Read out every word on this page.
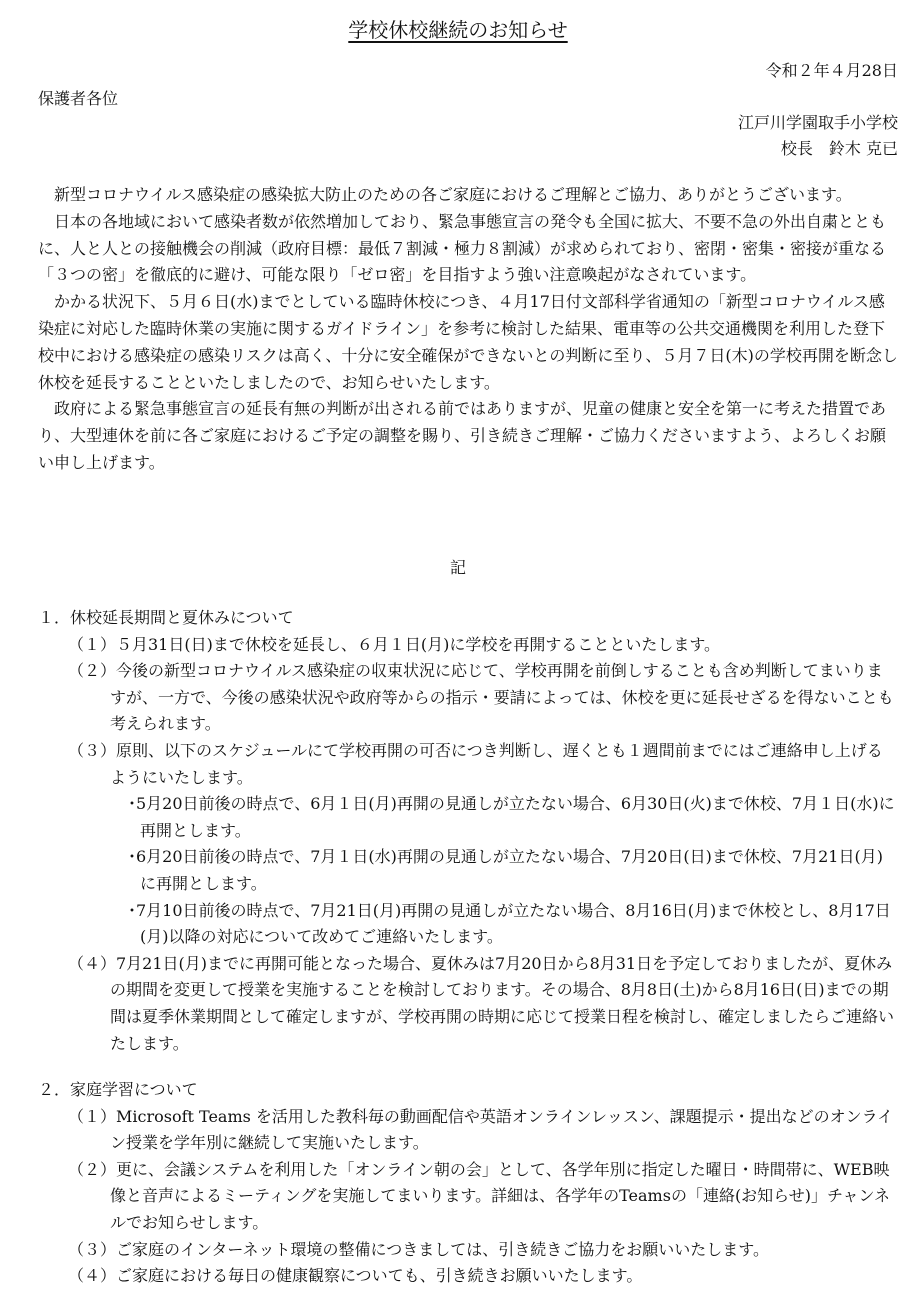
学校休校継続のお知らせ
令和２年４月28日
保護者各位
江戸川学園取手小学校
校長　鈴木 克已

新型コロナウイルス感染症の感染拡大防止のための各ご家庭におけるご理解とご協力、ありがとうございます。

日本の各地域において感染者数が依然増加しており、緊急事態宣言の発令も全国に拡大、不要不急の外出自粛とともに、人と人との接触機会の削減（政府目標：最低７割減・極力８割減）が求められており、密閉・密集・密接が重なる「３つの密」を徹底的に避け、可能な限り「ゼロ密」を目指すよう強い注意喚起がなされています。

かかる状況下、５月６日(水)までとしている臨時休校につき、４月17日付文部科学省通知の「新型コロナウイルス感染症に対応した臨時休業の実施に関するガイドライン」を参考に検討した結果、電車等の公共交通機関を利用した登下校中における感染症の感染リスクは高く、十分に安全確保ができないとの判断に至り、５月７日(木)の学校再開を断念し休校を延長することといたしましたので、お知らせいたします。

政府による緊急事態宣言の延長有無の判断が出される前ではありますが、児童の健康と安全を第一に考えた措置であり、大型連休を前に各ご家庭におけるご予定の調整を賜り、引き続きご理解・ご協力くださいますよう、よろしくお願い申し上げます。

記

１．休校延長期間と夏休みについて

（１）５月31日(日)まで休校を延長し、６月１日(月)に学校を再開することといたします。

（２）今後の新型コロナウイルス感染症の収束状況に応じて、学校再開を前倒しすることも含め判断してまいりますが、一方で、今後の感染状況や政府等からの指示・要請によっては、休校を更に延長せざるを得ないことも考えられます。

（３）原則、以下のスケジュールにて学校再開の可否につき判断し、遅くとも１週間前までにはご連絡申し上げるようにいたします。

･5月20日前後の時点で、6月１日(月)再開の見通しが立たない場合、6月30日(火)まで休校、7月１日(水)に再開とします。

･6月20日前後の時点で、7月１日(水)再開の見通しが立たない場合、7月20日(日)まで休校、7月21日(月)に再開とします。

･7月10日前後の時点で、7月21日(月)再開の見通しが立たない場合、8月16日(月)まで休校とし、8月17日(月)以降の対応について改めてご連絡いたします。

（４）7月21日(月)までに再開可能となった場合、夏休みは7月20日から8月31日を予定しておりましたが、夏休みの期間を変更して授業を実施することを検討しております。その場合、8月8日(土)から8月16日(日)までの期間は夏季休業期間として確定しますが、学校再開の時期に応じて授業日程を検討し、確定しましたらご連絡いたします。

２．家庭学習について

（１）Microsoft Teams を活用した教科毎の動画配信や英語オンラインレッスン、課題提示・提出などのオンライン授業を学年別に継続して実施いたします。

（２）更に、会議システムを利用した「オンライン朝の会」として、各学年別に指定した曜日・時間帯に、WEB映像と音声によるミーティングを実施してまいります。詳細は、各学年のTeamsの「連絡(お知らせ)」チャンネルでお知らせします。

（３）ご家庭のインターネット環境の整備につきましては、引き続きご協力をお願いいたします。

（４）ご家庭における毎日の健康観察についても、引き続きお願いいたします。
